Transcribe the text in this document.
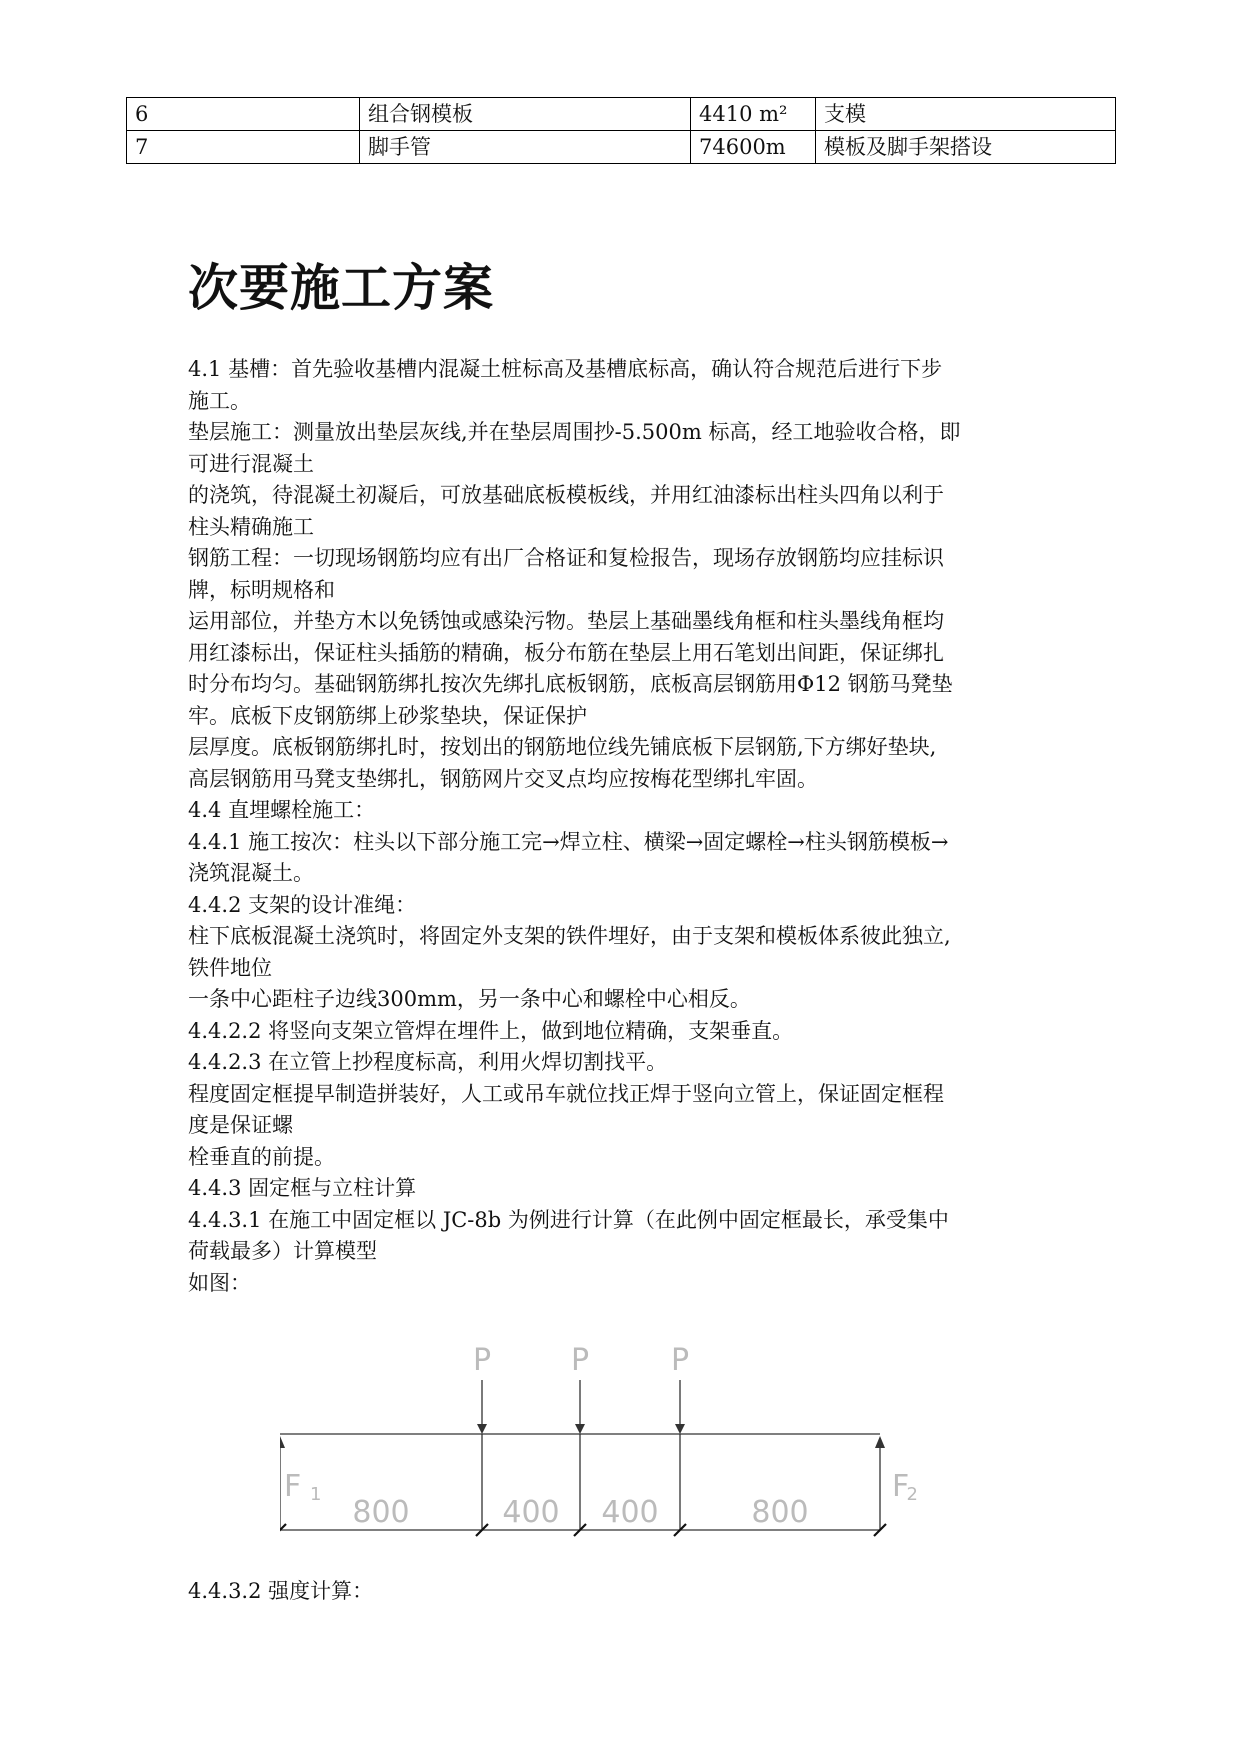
6	组合钢模板	4410 m²	支模
7	脚手管	74600m	模板及脚手架搭设
次要施工方案
4.1 基槽：首先验收基槽内混凝土桩标高及基槽底标高，确认符合规范后进行下步
施工。
垫层施工：测量放出垫层灰线,并在垫层周围抄-5.500m 标高，经工地验收合格，即
可进行混凝土
的浇筑，待混凝土初凝后，可放基础底板模板线，并用红油漆标出柱头四角以利于
柱头精确施工
钢筋工程：一切现场钢筋均应有出厂合格证和复检报告，现场存放钢筋均应挂标识
牌，标明规格和
运用部位，并垫方木以免锈蚀或感染污物。垫层上基础墨线角框和柱头墨线角框均
用红漆标出，保证柱头插筋的精确，板分布筋在垫层上用石笔划出间距，保证绑扎
时分布均匀。基础钢筋绑扎按次先绑扎底板钢筋，底板高层钢筋用Φ12 钢筋马凳垫
牢。底板下皮钢筋绑上砂浆垫块，保证保护
层厚度。底板钢筋绑扎时，按划出的钢筋地位线先铺底板下层钢筋,下方绑好垫块,
高层钢筋用马凳支垫绑扎，钢筋网片交叉点均应按梅花型绑扎牢固。
4.4 直埋螺栓施工：
4.4.1 施工按次：柱头以下部分施工完→焊立柱、横梁→固定螺栓→柱头钢筋模板→
浇筑混凝土。
4.4.2 支架的设计准绳：
柱下底板混凝土浇筑时，将固定外支架的铁件埋好，由于支架和模板体系彼此独立,
铁件地位
一条中心距柱子边线300mm，另一条中心和螺栓中心相反。
4.4.2.2 将竖向支架立管焊在埋件上，做到地位精确，支架垂直。
4.4.2.3 在立管上抄程度标高，利用火焊切割找平。
程度固定框提早制造拼装好，人工或吊车就位找正焊于竖向立管上，保证固定框程
度是保证螺
栓垂直的前提。
4.4.3 固定框与立柱计算
4.4.3.1 在施工中固定框以 JC-8b 为例进行计算（在此例中固定框最长，承受集中
荷载最多）计算模型
如图：
P	P	P
F 1	F
2
800	400 400	800
4.4.3.2 强度计算：
